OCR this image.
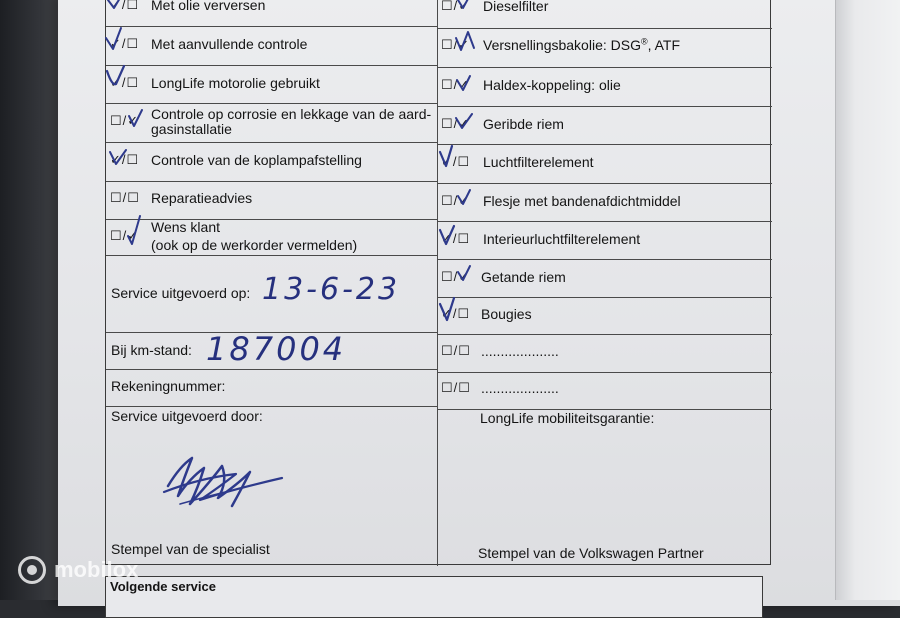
✓/☐ Met olie verversen
✓/☐ Met aanvullende controle
✓/☐ LongLife motorolie gebruikt
☐/✓ Controle op corrosie en lekkage van de aard-
gasinstallatie
✓/☐ Controle van de koplampafstelling
☐/☐ Reparatieadvies
☐/✓
Wens klant
(ook op de werkorder vermelden)
Service uitgevoerd op: 13-6-23
Bij km-stand: 187004
Rekeningnummer:
Service uitgevoerd door:
Stempel van de specialist
☐/✓ Dieselfilter
☐/✓ Versnellingsbakolie: DSG®, ATF
☐/✓ Haldex-koppeling: olie
☐/✓ Geribde riem
✓/☐ Luchtfilterelement
☐/✓ Flesje met bandenafdichtmiddel
✓/☐ Interieurluchtfilterelement
☐/✓ Getande riem
✓/☐ Bougies
☐/☐ ....................
☐/☐ ....................
LongLife mobiliteitsgarantie:
Stempel van de Volkswagen Partner
Volgende service
mobilox
